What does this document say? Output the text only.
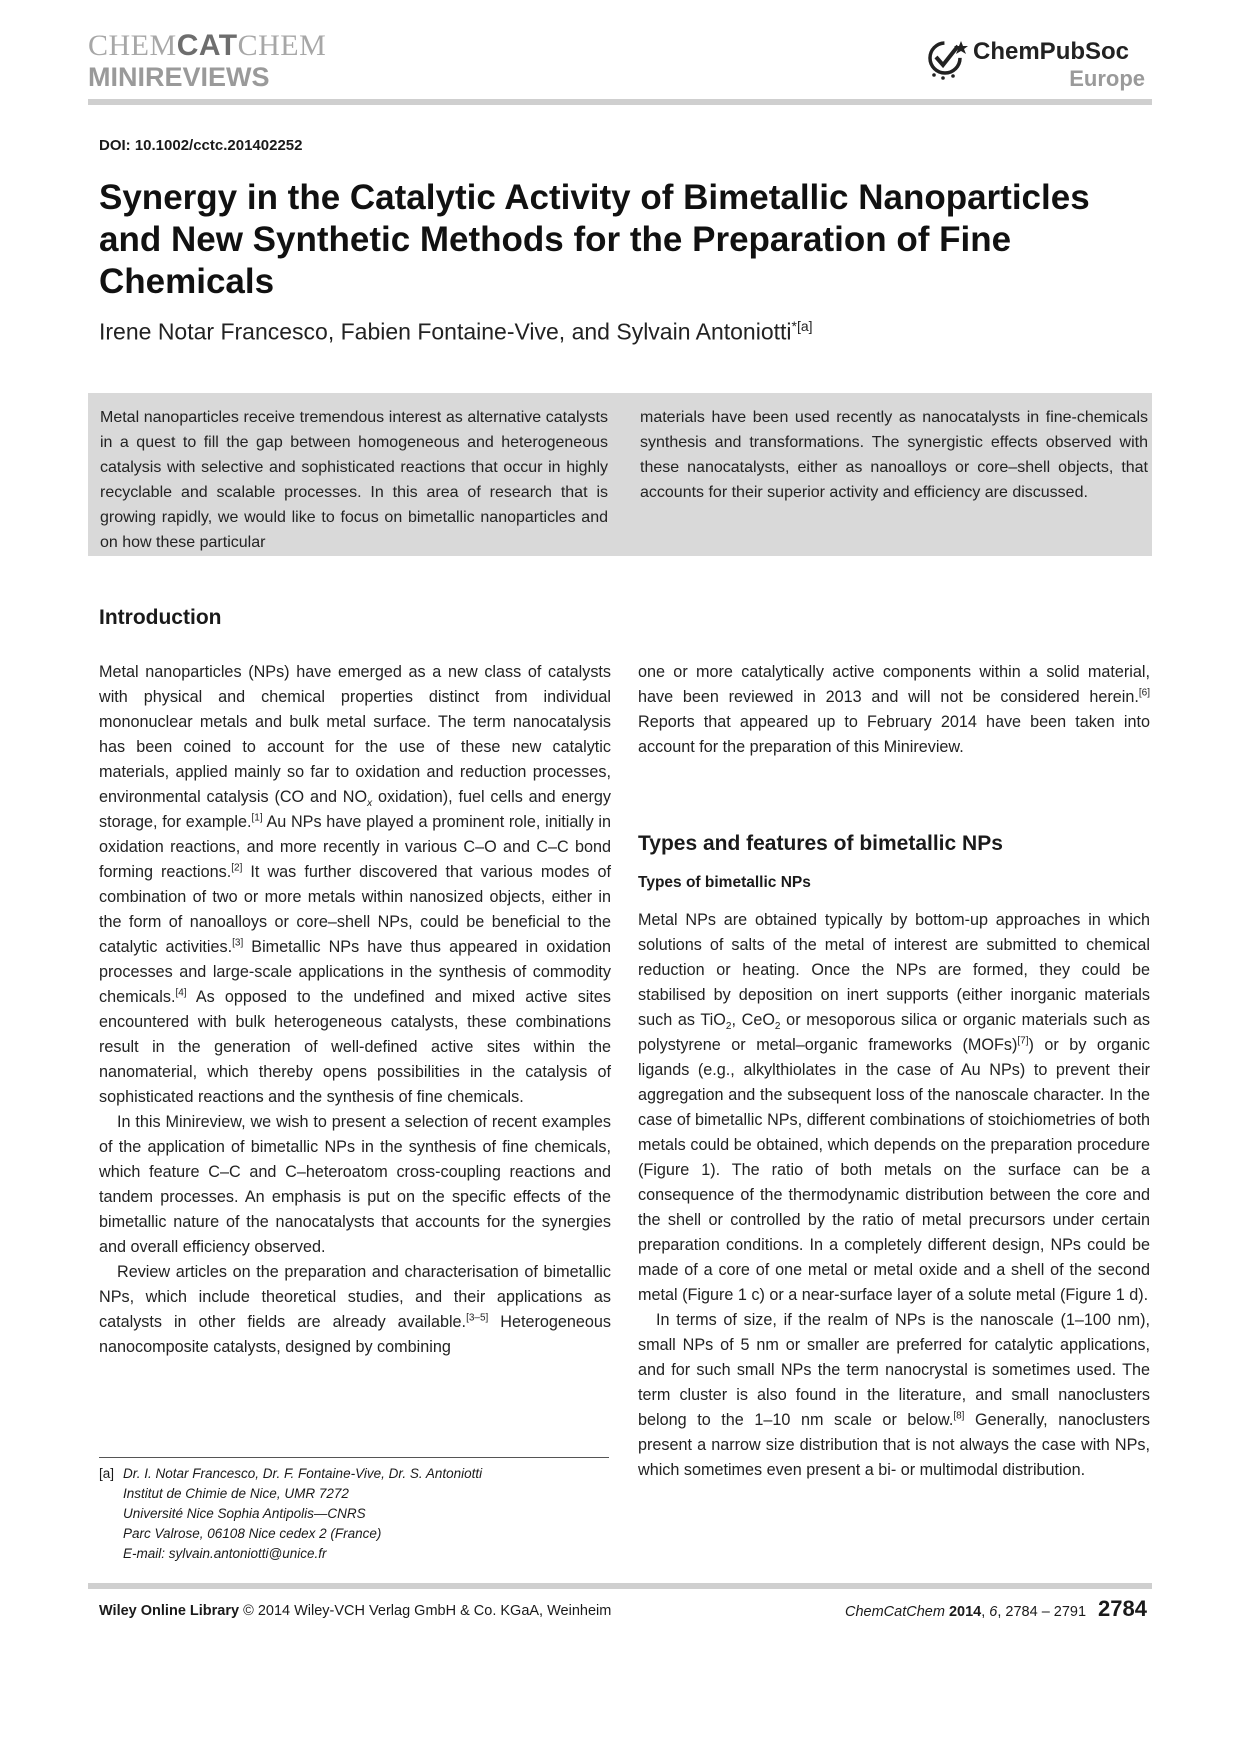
CHEMCATCHEM
MINIREVIEWS
ChemPubSoc
Europe
DOI: 10.1002/cctc.201402252
Synergy in the Catalytic Activity of Bimetallic Nanoparticles and New Synthetic Methods for the Preparation of Fine Chemicals
Irene Notar Francesco, Fabien Fontaine-Vive, and Sylvain Antoniotti$^{*[a]}$
Metal nanoparticles receive tremendous interest as alternative catalysts in a quest to fill the gap between homogeneous and heterogeneous catalysis with selective and sophisticated reactions that occur in highly recyclable and scalable processes. In this area of research that is growing rapidly, we would like to focus on bimetallic nanoparticles and on how these particular
materials have been used recently as nanocatalysts in fine-chemicals synthesis and transformations. The synergistic effects observed with these nanocatalysts, either as nanoalloys or core–shell objects, that accounts for their superior activity and efficiency are discussed.
Introduction

Metal nanoparticles (NPs) have emerged as a new class of catalysts with physical and chemical properties distinct from individual mononuclear metals and bulk metal surface. The term nanocatalysis has been coined to account for the use of these new catalytic materials, applied mainly so far to oxidation and reduction processes, environmental catalysis (CO and $NO_x$ oxidation), fuel cells and energy storage, for example.[1] Au NPs have played a prominent role, initially in oxidation reactions, and more recently in various C–O and C–C bond forming reactions.[2] It was further discovered that various modes of combination of two or more metals within nanosized objects, either in the form of nanoalloys or core–shell NPs, could be beneficial to the catalytic activities.[3] Bimetallic NPs have thus appeared in oxidation processes and large-scale applications in the synthesis of commodity chemicals.[4] As opposed to the undefined and mixed active sites encountered with bulk heterogeneous catalysts, these combinations result in the generation of well-defined active sites within the nanomaterial, which thereby opens possibilities in the catalysis of sophisticated reactions and the synthesis of fine chemicals.

In this Minireview, we wish to present a selection of recent examples of the application of bimetallic NPs in the synthesis of fine chemicals, which feature C–C and C–heteroatom cross-coupling reactions and tandem processes. An emphasis is put on the specific effects of the bimetallic nature of the nanocatalysts that accounts for the synergies and overall efficiency observed.

Review articles on the preparation and characterisation of bimetallic NPs, which include theoretical studies, and their applications as catalysts in other fields are already available.[3–5] Heterogeneous nanocomposite catalysts, designed by combining

one or more catalytically active components within a solid material, have been reviewed in 2013 and will not be considered herein.[6] Reports that appeared up to February 2014 have been taken into account for the preparation of this Minireview.

Types and features of bimetallic NPs
Types of bimetallic NPs

Metal NPs are obtained typically by bottom-up approaches in which solutions of salts of the metal of interest are submitted to chemical reduction or heating. Once the NPs are formed, they could be stabilised by deposition on inert supports (either inorganic materials such as TiO$_2$, CeO$_2$ or mesoporous silica or organic materials such as polystyrene or metal–organic frameworks (MOFs)[7]) or by organic ligands (e.g., alkylthiolates in the case of Au NPs) to prevent their aggregation and the subsequent loss of the nanoscale character. In the case of bimetallic NPs, different combinations of stoichiometries of both metals could be obtained, which depends on the preparation procedure (Figure 1). The ratio of both metals on the surface can be a consequence of the thermodynamic distribution between the core and the shell or controlled by the ratio of metal precursors under certain preparation conditions. In a completely different design, NPs could be made of a core of one metal or metal oxide and a shell of the second metal (Figure 1 c) or a near-surface layer of a solute metal (Figure 1 d).

In terms of size, if the realm of NPs is the nanoscale (1–100 nm), small NPs of 5 nm or smaller are preferred for catalytic applications, and for such small NPs the term nanocrystal is sometimes used. The term cluster is also found in the literature, and small nanoclusters belong to the 1–10 nm scale or below.[8] Generally, nanoclusters present a narrow size distribution that is not always the case with NPs, which sometimes even present a bi- or multimodal distribution.

[a] Dr. I. Notar Francesco, Dr. F. Fontaine-Vive, Dr. S. Antoniotti
Institut de Chimie de Nice, UMR 7272
Université Nice Sophia Antipolis—CNRS
Parc Valrose, 06108 Nice cedex 2 (France)
E-mail: sylvain.antoniotti@unice.fr
Wiley Online Library © 2014 Wiley-VCH Verlag GmbH & Co. KGaA, Weinheim	ChemCatChem 2014, 6, 2784 – 2791 2784
